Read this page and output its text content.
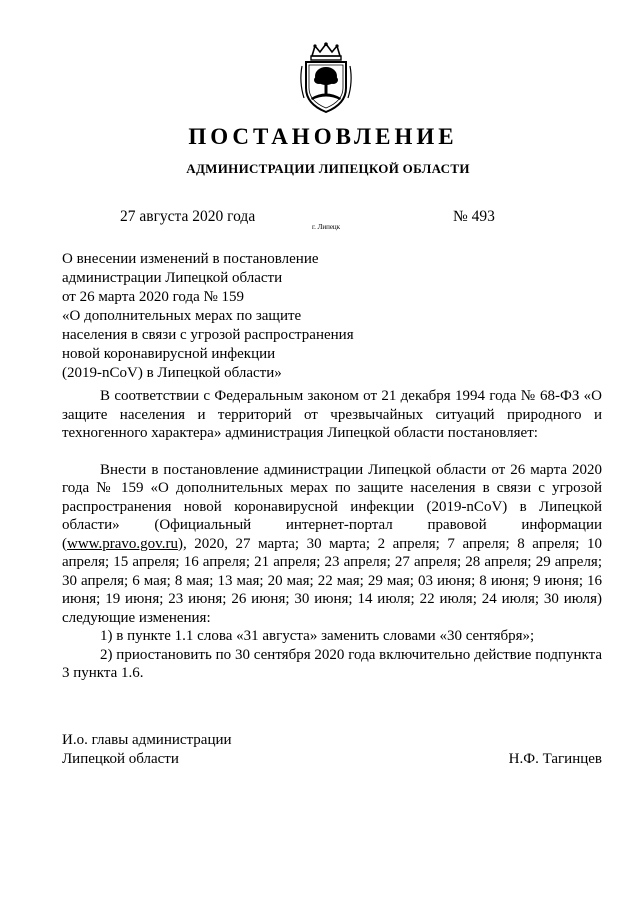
ПОСТАНОВЛЕНИЕ
АДМИНИСТРАЦИИ ЛИПЕЦКОЙ ОБЛАСТИ
27 августа 2020 года
г. Липецк
№ 493
О внесении изменений в постановление
администрации Липецкой области
от 26 марта 2020 года № 159
«О дополнительных мерах по защите
населения в связи с угрозой распространения
новой коронавирусной инфекции
(2019-nCoV) в Липецкой области»

В соответствии с Федеральным законом от 21 декабря 1994 года № 68-ФЗ «О защите населения и территорий от чрезвычайных ситуаций природного и техногенного характера» администрация Липецкой области постановляет:

Внести в постановление администрации Липецкой области от 26 марта 2020 года № 159 «О дополнительных мерах по защите населения в связи с угрозой распространения новой коронавирусной инфекции (2019-nCoV) в Липецкой области» (Официальный интернет-портал правовой информации (www.pravo.gov.ru), 2020, 27 марта; 30 марта; 2 апреля; 7 апреля; 8 апреля; 10 апреля; 15 апреля; 16 апреля; 21 апреля; 23 апреля; 27 апреля; 28 апреля; 29 апреля; 30 апреля; 6 мая; 8 мая; 13 мая; 20 мая; 22 мая; 29 мая; 03 июня; 8 июня; 9 июня; 16 июня; 19 июня; 23 июня; 26 июня; 30 июня; 14 июля; 22 июля; 24 июля; 30 июля) следующие изменения:

1) в пункте 1.1 слова «31 августа» заменить словами «30 сентября»;

2) приостановить по 30 сентября 2020 года включительно действие подпункта 3 пункта 1.6.

И.о. главы администрации
Липецкой области	Н.Ф. Тагинцев
